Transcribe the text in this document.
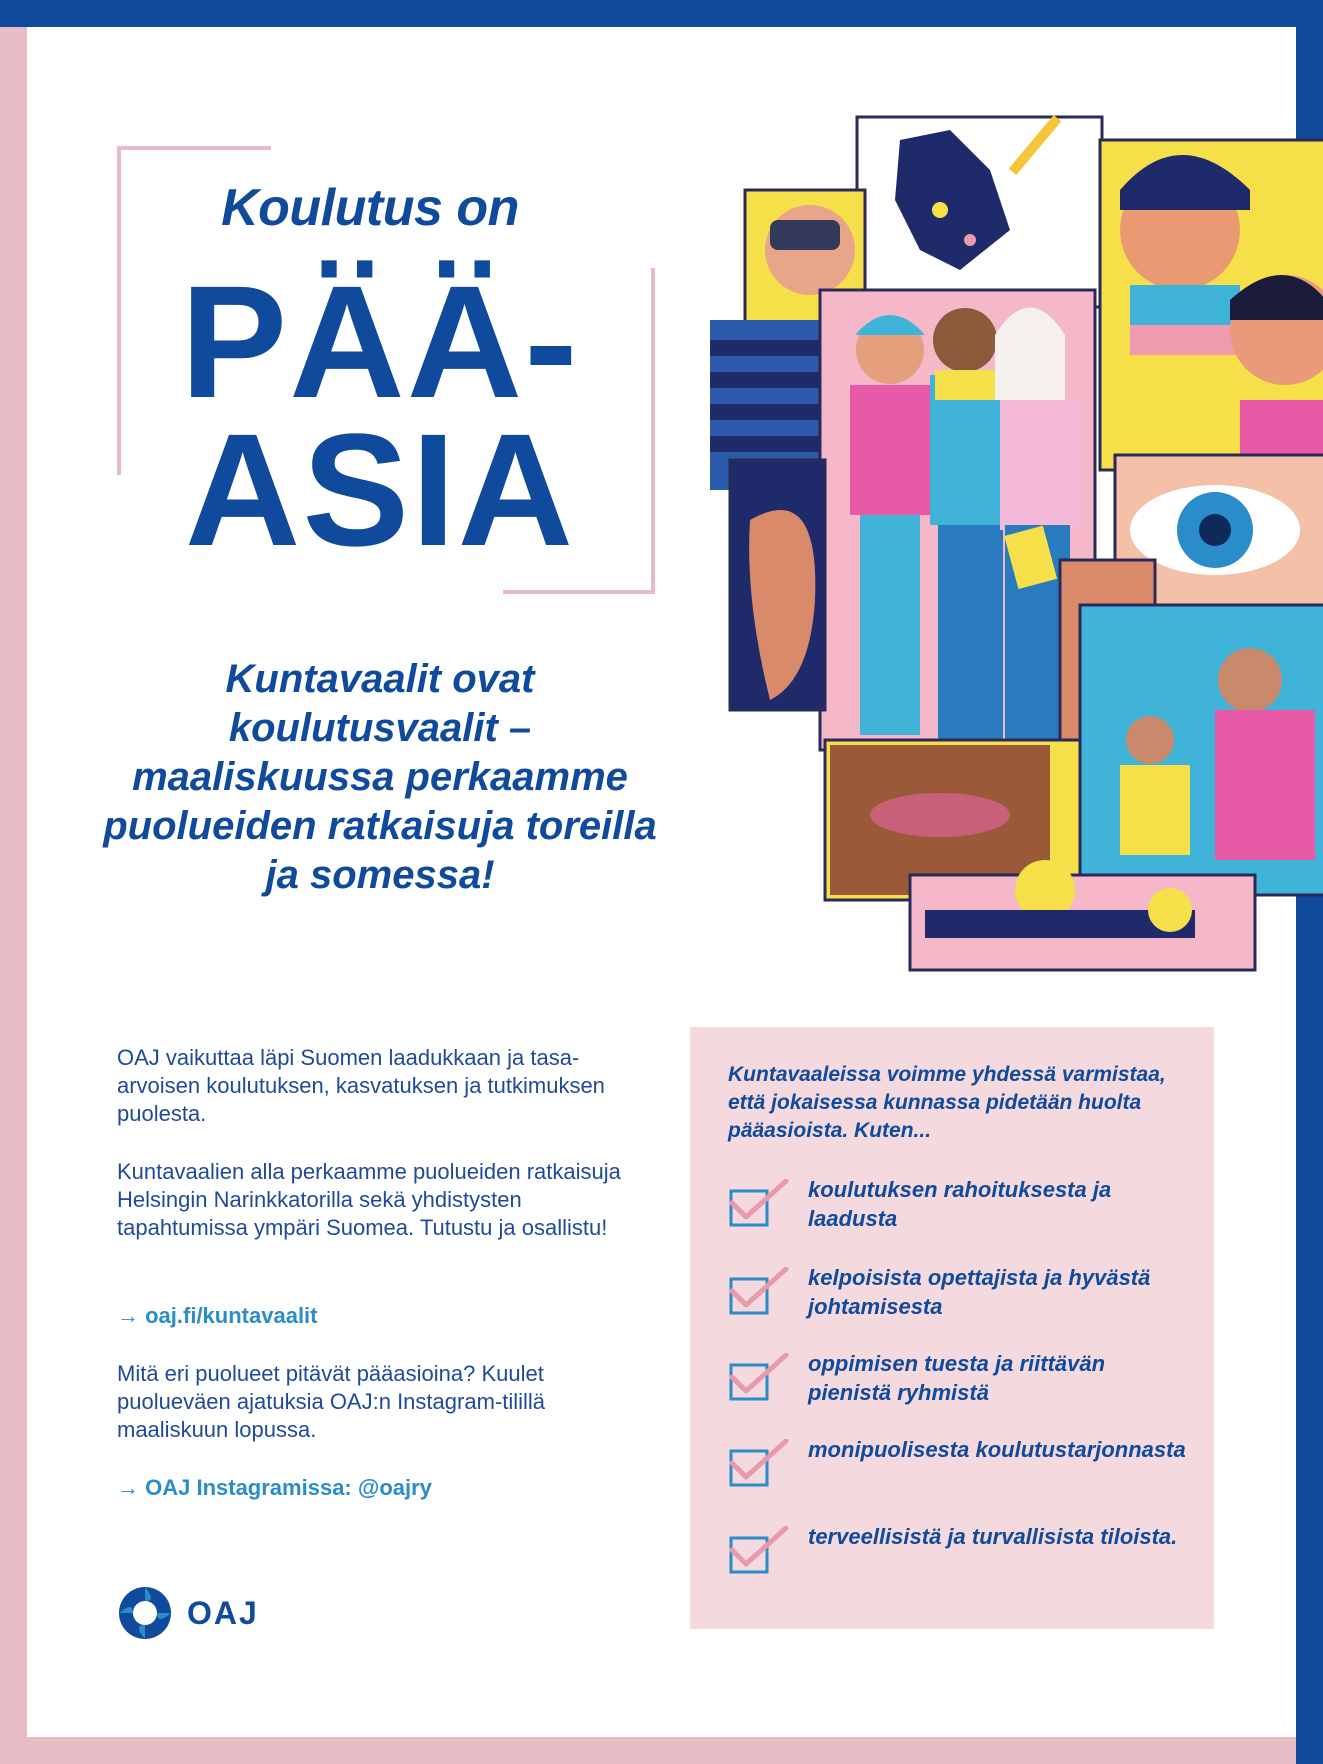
Koulutus on
PÄÄ-
ASIA

Kuntavaalit ovat koulutusvaalit – maaliskuussa perkaamme puolueiden ratkaisuja toreilla ja somessa!

OAJ vaikuttaa läpi Suomen laadukkaan ja tasa-arvoisen koulutuksen, kasvatuksen ja tutkimuksen puolesta.

Kuntavaalien alla perkaamme puolueiden ratkaisuja Helsingin Narinkkatorilla sekä yhdistysten tapahtumissa ympäri Suomea. Tutustu ja osallistu!

→ oaj.fi/kuntavaalit

Mitä eri puolueet pitävät pääasioina? Kuulet puolueväen ajatuksia OAJ:n Instagram-tilillä maaliskuun lopussa.

→ OAJ Instagramissa: @oajry

OAJ

Kuntavaaleissa voimme yhdessä varmistaa, että jokaisessa kunnassa pidetään huolta pääasioista. Kuten...

koulutuksen rahoituksesta ja laadusta
kelpoisista opettajista ja hyvästä johtamisesta
oppimisen tuesta ja riittävän pienistä ryhmistä
monipuolisesta koulutustarjonnasta
terveellisistä ja turvallisista tiloista.
